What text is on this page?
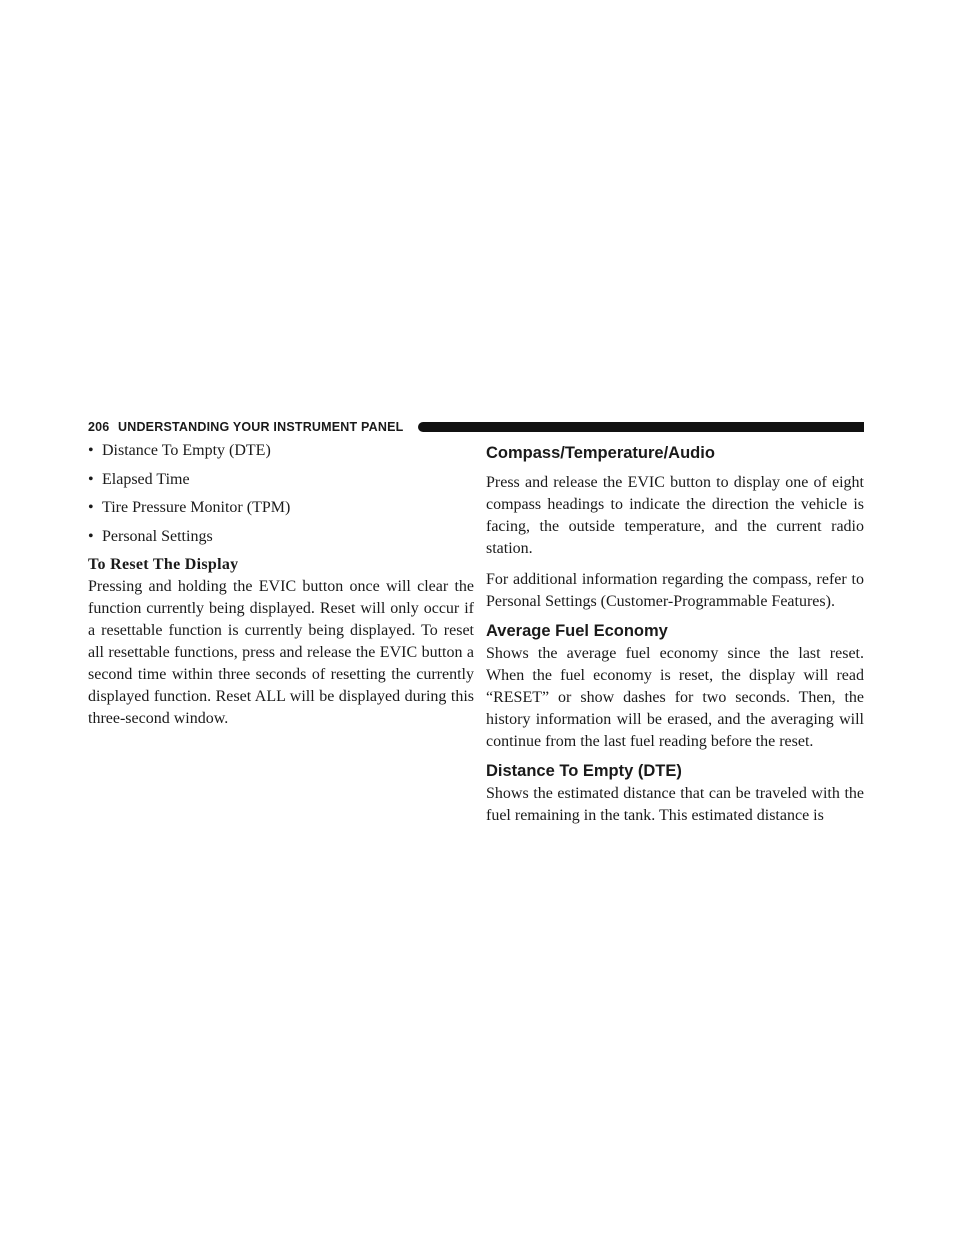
206 UNDERSTANDING YOUR INSTRUMENT PANEL
• Distance To Empty (DTE)
• Elapsed Time
• Tire Pressure Monitor (TPM)
• Personal Settings
To Reset The Display

Pressing and holding the EVIC button once will clear the function currently being displayed. Reset will only occur if a resettable function is currently being displayed. To reset all resettable functions, press and release the EVIC button a second time within three seconds of resetting the currently displayed function. Reset ALL will be displayed during this three-second window.

Compass/Temperature/Audio

Press and release the EVIC button to display one of eight compass headings to indicate the direction the vehicle is facing, the outside temperature, and the current radio station.

For additional information regarding the compass, refer to Personal Settings (Customer-Programmable Features).

Average Fuel Economy

Shows the average fuel economy since the last reset. When the fuel economy is reset, the display will read “RESET” or show dashes for two seconds. Then, the history information will be erased, and the averaging will continue from the last fuel reading before the reset.

Distance To Empty (DTE)

Shows the estimated distance that can be traveled with the fuel remaining in the tank. This estimated distance is
